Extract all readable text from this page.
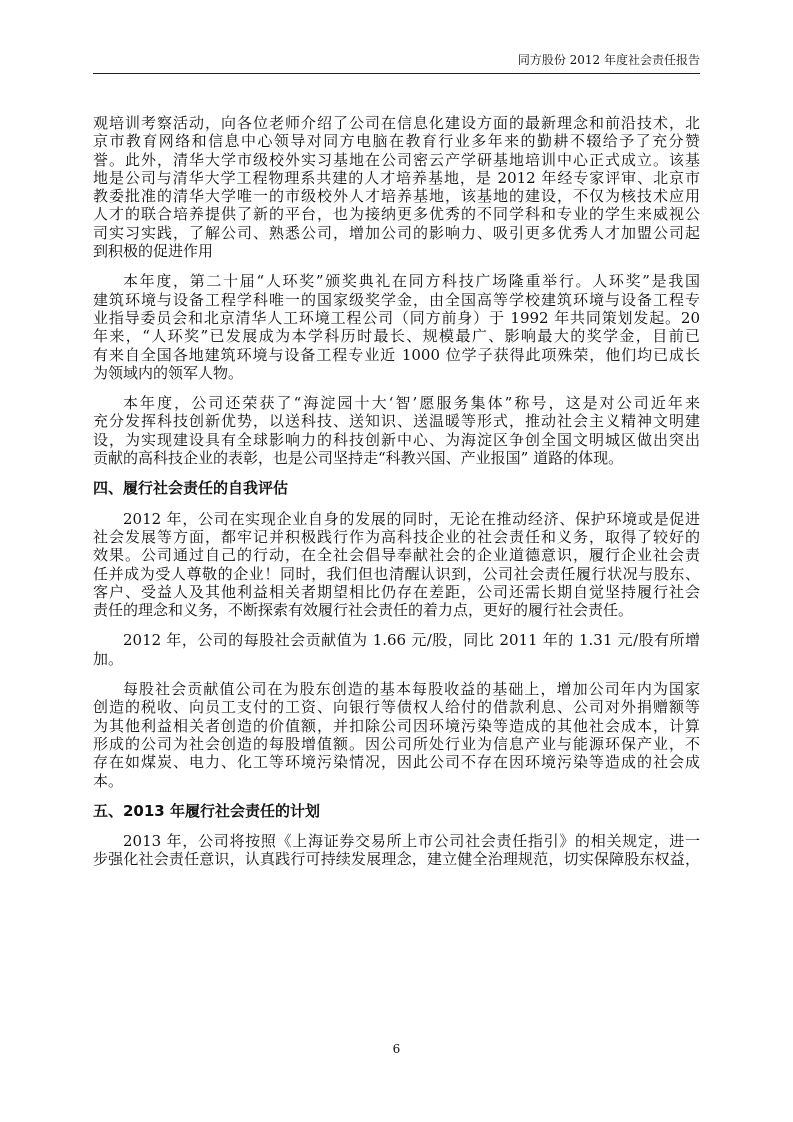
同方股份 2012 年度社会责任报告
观培训考察活动，向各位老师介绍了公司在信息化建设方面的最新理念和前沿技术，北
京市教育网络和信息中心领导对同方电脑在教育行业多年来的勤耕不辍给予了充分赞
誉。此外，清华大学市级校外实习基地在公司密云产学研基地培训中心正式成立。该基
地是公司与清华大学工程物理系共建的人才培养基地，是 2012 年经专家评审、北京市
教委批准的清华大学唯一的市级校外人才培养基地，该基地的建设，不仅为核技术应用
人才的联合培养提供了新的平台，也为接纳更多优秀的不同学科和专业的学生来威视公
司实习实践，了解公司、熟悉公司，增加公司的影响力、吸引更多优秀人才加盟公司起
到积极的促进作用
本年度，第二十届“人环奖”颁奖典礼在同方科技广场隆重举行。人环奖”是我国
建筑环境与设备工程学科唯一的国家级奖学金，由全国高等学校建筑环境与设备工程专
业指导委员会和北京清华人工环境工程公司（同方前身）于 1992 年共同策划发起。20
年来，“人环奖”已发展成为本学科历时最长、规模最广、影响最大的奖学金，目前已
有来自全国各地建筑环境与设备工程专业近 1000 位学子获得此项殊荣，他们均已成长
为领域内的领军人物。
本年度，公司还荣获了“海淀园十大‘智’愿服务集体”称号，这是对公司近年来
充分发挥科技创新优势，以送科技、送知识、送温暖等形式，推动社会主义精神文明建
设，为实现建设具有全球影响力的科技创新中心、为海淀区争创全国文明城区做出突出
贡献的高科技企业的表彰，也是公司坚持走“科教兴国、产业报国” 道路的体现。
四、履行社会责任的自我评估
2012 年，公司在实现企业自身的发展的同时，无论在推动经济、保护环境或是促进
社会发展等方面，都牢记并积极践行作为高科技企业的社会责任和义务，取得了较好的
效果。公司通过自己的行动，在全社会倡导奉献社会的企业道德意识，履行企业社会责
任并成为受人尊敬的企业！同时，我们但也清醒认识到，公司社会责任履行状况与股东、
客户、受益人及其他利益相关者期望相比仍存在差距，公司还需长期自觉坚持履行社会
责任的理念和义务，不断探索有效履行社会责任的着力点，更好的履行社会责任。
2012 年，公司的每股社会贡献值为 1.66 元/股，同比 2011 年的 1.31 元/股有所增
加。
每股社会贡献值公司在为股东创造的基本每股收益的基础上，增加公司年内为国家
创造的税收、向员工支付的工资、向银行等债权人给付的借款利息、公司对外捐赠额等
为其他利益相关者创造的价值额，并扣除公司因环境污染等造成的其他社会成本，计算
形成的公司为社会创造的每股增值额。因公司所处行业为信息产业与能源环保产业，不
存在如煤炭、电力、化工等环境污染情况，因此公司不存在因环境污染等造成的社会成
本。
五、2013 年履行社会责任的计划
2013 年，公司将按照《上海证券交易所上市公司社会责任指引》的相关规定，进一
步强化社会责任意识，认真践行可持续发展理念，建立健全治理规范，切实保障股东权益，
6
